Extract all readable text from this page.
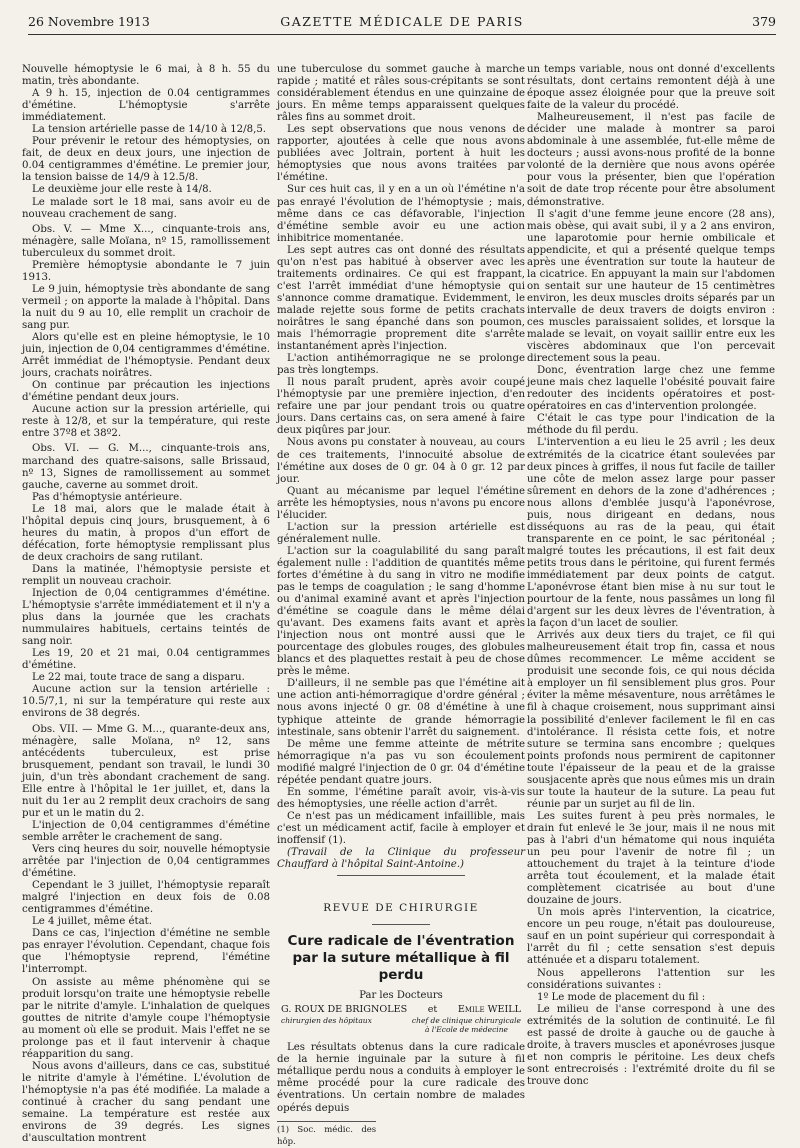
26 Novembre 1913	GAZETTE MÉDICALE DE PARIS	379

Nouvelle hémoptysie le 6 mai, à 8 h. 55 du matin, très abondante.

A 9 h. 15, injection de 0.04 centigrammes d'émétine. L'hémoptysie s'arrête immédiatement.

La tension artérielle passe de 14/10 à 12/8,5.

Pour prévenir le retour des hémoptysies, on fait, de deux en deux jours, une injection de 0.04 centigrammes d'émétine. Le premier jour, la tension baisse de 14/9 à 12.5/8.

Le deuxième jour elle reste à 14/8.

Le malade sort le 18 mai, sans avoir eu de nouveau crachement de sang.

Obs. V. — Mme X..., cinquante-trois ans, ménagère, salle Moïana, nº 15, ramollissement tuberculeux du sommet droit.

Première hémoptysie abondante le 7 juin 1913.

Le 9 juin, hémoptysie très abondante de sang vermeil ; on apporte la malade à l'hôpital. Dans la nuit du 9 au 10, elle remplit un crachoir de sang pur.

Alors qu'elle est en pleine hémoptysie, le 10 juin, injection de 0,04 centigrammes d'émétine. Arrêt immédiat de l'hémoptysie. Pendant deux jours, crachats noirâtres.

On continue par précaution les injections d'émétine pendant deux jours.

Aucune action sur la pression artérielle, qui reste à 12/8, et sur la température, qui reste entre 37º8 et 38º2.

Obs. VI. — G. M..., cinquante-trois ans, marchand des quatre-saisons, salle Brissaud, nº 13, Signes de ramollissement au sommet gauche, caverne au sommet droit.

Pas d'hémoptysie antérieure.

Le 18 mai, alors que le malade était à l'hôpital depuis cinq jours, brusquement, à 6 heures du matin, à propos d'un effort de défécation, forte hémoptysie remplissant plus de deux crachoirs de sang rutilant.

Dans la matinée, l'hémoptysie persiste et remplit un nouveau crachoir.

Injection de 0,04 centigrammes d'émétine. L'hémoptysie s'arrête immédiatement et il n'y a plus dans la journée que les crachats nummulaires habituels, certains teintés de sang noir.

Les 19, 20 et 21 mai, 0.04 centigrammes d'émétine.

Le 22 mai, toute trace de sang a disparu.

Aucune action sur la tension artérielle : 10.5/7,1, ni sur la température qui reste aux environs de 38 degrés.

Obs. VII. — Mme G. M..., quarante-deux ans, ménagère, salle Moïana, nº 12, sans antécédents tuberculeux, est prise brusquement, pendant son travail, le lundi 30 juin, d'un très abondant crachement de sang. Elle entre à l'hôpital le 1er juillet, et, dans la nuit du 1er au 2 remplit deux crachoirs de sang pur et un le matin du 2.

L'injection de 0,04 centigrammes d'émétine semble arrêter le crachement de sang.

Vers cinq heures du soir, nouvelle hémoptysie arrêtée par l'injection de 0,04 centigrammes d'émétine.

Cependant le 3 juillet, l'hémoptysie reparaît malgré l'injection en deux fois de 0.08 centigrammes d'émétine.

Le 4 juillet, même état.

Dans ce cas, l'injection d'émétine ne semble pas enrayer l'évolution. Cependant, chaque fois que l'hémoptysie reprend, l'émétine l'interrompt.

On assiste au même phénomène qui se produit lorsqu'on traite une hémoptysie rebelle par le nitrite d'amyle. L'inhalation de quelques gouttes de nitrite d'amyle coupe l'hémoptysie au moment où elle se produit. Mais l'effet ne se prolonge pas et il faut intervenir à chaque réapparition du sang.

Nous avons d'ailleurs, dans ce cas, substitué le nitrite d'amyle à l'émétine. L'évolution de l'hémoptysie n'a pas été modifiée. La malade a continué à cracher du sang pendant une semaine. La température est restée aux environs de 39 degrés. Les signes d'auscultation montrent

une tuberculose du sommet gauche à marche rapide ; matité et râles sous-crépitants se sont considérablement étendus en une quinzaine de jours. En même temps apparaissent quelques râles fins au sommet droit.

Les sept observations que nous venons de rapporter, ajoutées à celle que nous avons publiées avec Joltrain, portent à huit les hémoptysies que nous avons traitées par l'émétine.

Sur ces huit cas, il y en a un où l'émétine n'a pas enrayé l'évolution de l'hémoptysie ; mais, même dans ce cas défavorable, l'injection d'émétine semble avoir eu une action inhibitrice momentanée.

Les sept autres cas ont donné des résultats qu'on n'est pas habitué à observer avec les traitements ordinaires. Ce qui est frappant, c'est l'arrêt immédiat d'une hémoptysie qui s'annonce comme dramatique. Evidemment, le malade rejette sous forme de petits crachats noirâtres le sang épanché dans son poumon, mais l'hémorragie proprement dite s'arrête instantanément après l'injection.

L'action antihémorragique ne se prolonge pas très longtemps.

Il nous paraît prudent, après avoir coupé l'hémoptysie par une première injection, d'en refaire une par jour pendant trois ou quatre jours. Dans certains cas, on sera amené à faire deux piqûres par jour.

Nous avons pu constater à nouveau, au cours de ces traitements, l'innocuité absolue de l'émétine aux doses de 0 gr. 04 à 0 gr. 12 par jour.

Quant au mécanisme par lequel l'émétine arrête les hémoptysies, nous n'avons pu encore l'élucider.

L'action sur la pression artérielle est généralement nulle.

L'action sur la coagulabilité du sang paraît également nulle : l'addition de quantités même fortes d'émétine à du sang in vitro ne modifie pas le temps de coagulation ; le sang d'homme ou d'animal examiné avant et après l'injection d'émétine se coagule dans le même délai qu'avant. Des examens faits avant et après l'injection nous ont montré aussi que le pourcentage des globules rouges, des globules blancs et des plaquettes restait à peu de chose près le même.

D'ailleurs, il ne semble pas que l'émétine ait une action anti-hémorragique d'ordre général ; nous avons injecté 0 gr. 08 d'émétine à une typhique atteinte de grande hémorragie intestinale, sans obtenir l'arrêt du saignement.

De même une femme atteinte de métrite hémorragique n'a pas vu son écoulement modifié malgré l'injection de 0 gr. 04 d'émétine répétée pendant quatre jours.

En somme, l'émétine paraît avoir, vis-à-vis des hémoptysies, une réelle action d'arrêt.

Ce n'est pas un médicament infaillible, mais c'est un médicament actif, facile à employer et inoffensif (1).

(Travail de la Clinique du professeur Chauffard à l'hôpital Saint-Antoine.)

REVUE DE CHIRURGIE
Cure radicale de l'éventration
par la suture métallique à fil perdu
Par les Docteurs
G. ROUX DE BRIGNOLES et Emile WEILL
chirurgien des hôpitaux	chef de clinique chirurgicale
à l'Ecole de médecine

Les résultats obtenus dans la cure radicale de la hernie inguinale par la suture à fil métallique perdu nous a conduits à employer le même procédé pour la cure radicale des éventrations. Un certain nombre de malades opérés depuis

(1) Soc. médic. des hôp.

un temps variable, nous ont donné d'excellents résultats, dont certains remontent déjà à une époque assez éloignée pour que la preuve soit faite de la valeur du procédé.

Malheureusement, il n'est pas facile de décider une malade à montrer sa paroi abdominale à une assemblée, fut-elle même de docteurs ; aussi avons-nous profité de la bonne volonté de la dernière que nous avons opérée pour vous la présenter, bien que l'opération soit de date trop récente pour être absolument démonstrative.

Il s'agit d'une femme jeune encore (28 ans), mais obèse, qui avait subi, il y a 2 ans environ, une laparotomie pour hernie ombilicale et appendicite, et qui a présenté quelque temps après une éventration sur toute la hauteur de la cicatrice. En appuyant la main sur l'abdomen on sentait sur une hauteur de 15 centimètres environ, les deux muscles droits séparés par un intervalle de deux travers de doigts environ : ces muscles paraissaient solides, et lorsque la malade se levait, on voyait saillir entre eux les viscères abdominaux que l'on percevait directement sous la peau.

Donc, éventration large chez une femme jeune mais chez laquelle l'obésité pouvait faire redouter des incidents opératoires et post-opératoires en cas d'intervention prolongée.

C'était le cas type pour l'indication de la méthode du fil perdu.

L'intervention a eu lieu le 25 avril ; les deux extrémités de la cicatrice étant soulevées par deux pinces à griffes, il nous fut facile de tailler une côte de melon assez large pour passer sûrement en dehors de la zone d'adhérences ; nous allons d'emblée jusqu'à l'aponévrose, puis, nous dirigeant en dedans, nous disséquons au ras de la peau, qui était transparente en ce point, le sac péritonéal ; malgré toutes les précautions, il est fait deux petits trous dans le péritoine, qui furent fermés immédiatement par deux points de catgut. L'aponévrose étant bien mise à nu sur tout le pourtour de la fente, nous passâmes un long fil d'argent sur les deux lèvres de l'éventration, à la façon d'un lacet de soulier.

Arrivés aux deux tiers du trajet, ce fil qui malheureusement était trop fin, cassa et nous dûmes recommencer. Le même accident se produisit une seconde fois, ce qui nous décida à employer un fil sensiblement plus gros. Pour éviter la même mésaventure, nous arrêtâmes le fil à chaque croisement, nous supprimant ainsi la possibilité d'enlever facilement le fil en cas d'intolérance. Il résista cette fois, et notre suture se termina sans encombre ; quelques points profonds nous permirent de capitonner toute l'épaisseur de la peau et de la graisse sousjacente après que nous eûmes mis un drain sur toute la hauteur de la suture. La peau fut réunie par un surjet au fil de lin.

Les suites furent à peu près normales, le drain fut enlevé le 3e jour, mais il ne nous mit pas à l'abri d'un hématome qui nous inquiéta un peu pour l'avenir de notre fil ; un attouchement du trajet à la teinture d'iode arrêta tout écoulement, et la malade était complètement cicatrisée au bout d'une douzaine de jours.

Un mois après l'intervention, la cicatrice, encore un peu rouge, n'était pas douloureuse, sauf en un point supérieur qui correspondait à l'arrêt du fil ; cette sensation s'est depuis atténuée et a disparu totalement.

Nous appellerons l'attention sur les considérations suivantes :

1º Le mode de placement du fil :

Le milieu de l'anse correspond à une des extrémités de la solution de continuité. Le fil est passé de droite à gauche ou de gauche à droite, à travers muscles et aponévroses jusque et non compris le péritoine. Les deux chefs sont entrecroisés : l'extrémité droite du fil se trouve donc
